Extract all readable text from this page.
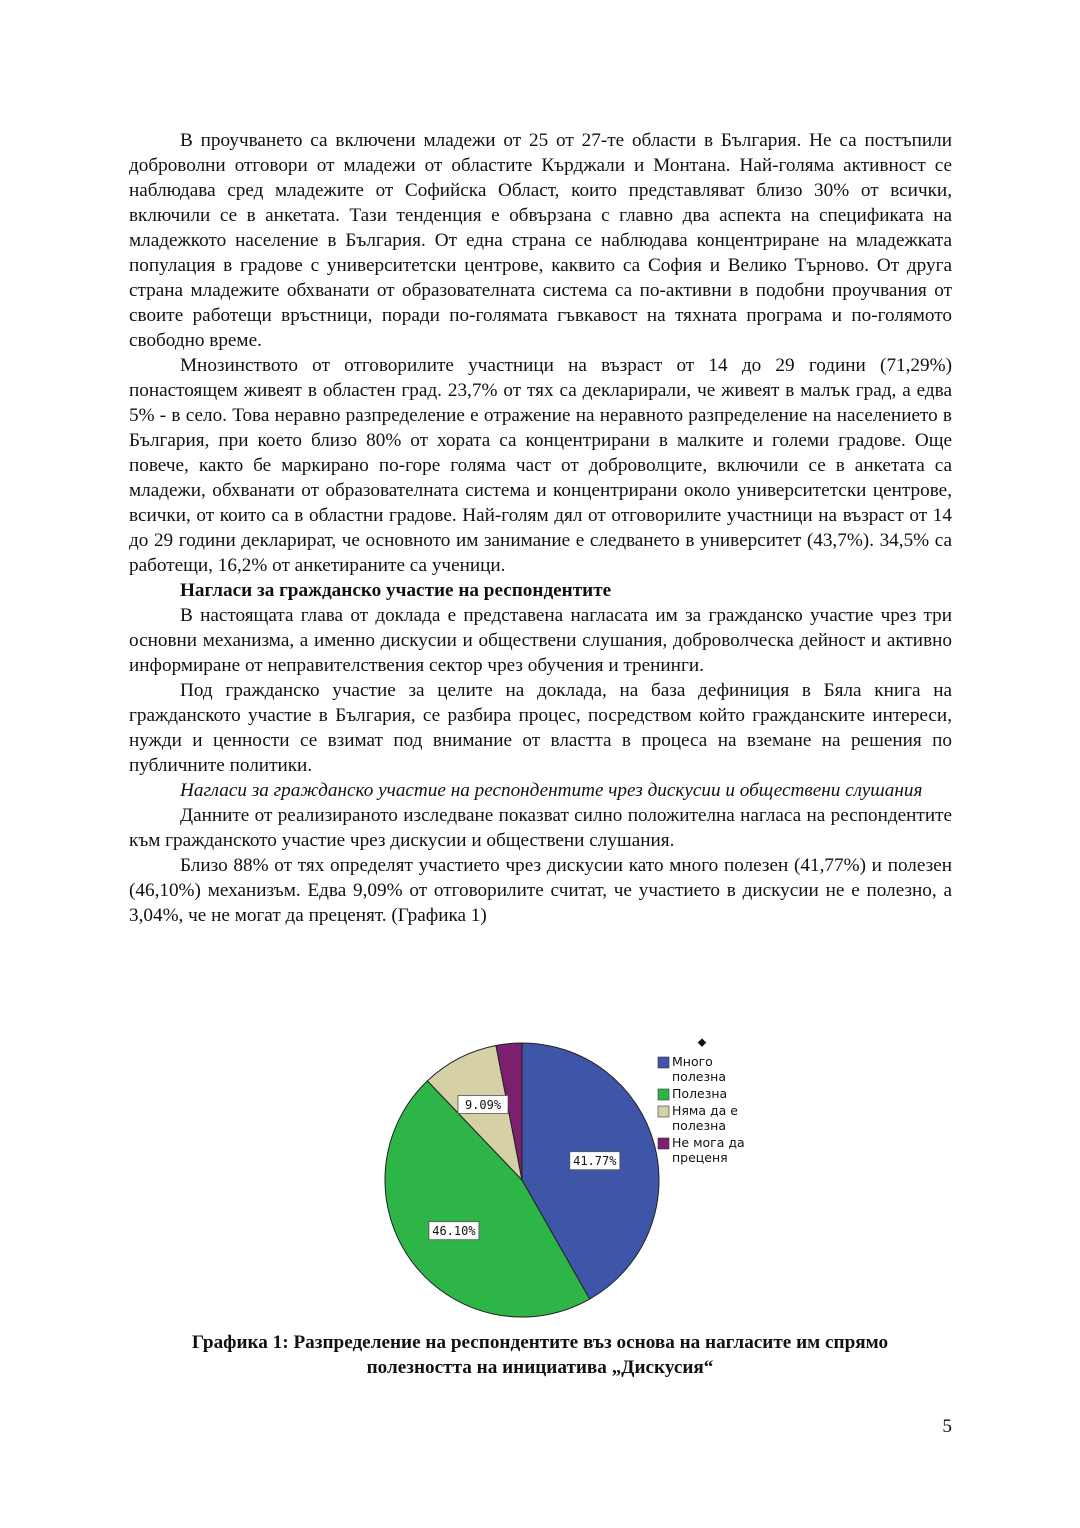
В проучването са включени младежи от 25 от 27-те области в България. Не са постъпили доброволни отговори от младежи от областите Кърджали и Монтана. Най-голяма активност се наблюдава сред младежите от Софийска Област, които представляват близо 30% от всички, включили се в анкетата. Тази тенденция е обвързана с главно два аспекта на спецификата на младежкото население в България. От една страна се наблюдава концентриране на младежката популация в градове с университетски центрове, каквито са София и Велико Търново. От друга страна младежите обхванати от образователната система са по-активни в подобни проучвания от своите работещи връстници, поради по-голямата гъвкавост на тяхната програма и по-голямото свободно време.

Мнозинството от отговорилите участници на възраст от 14 до 29 години (71,29%) понастоящем живеят в областен град. 23,7% от тях са декларирали, че живеят в малък град, а едва 5% - в село. Това неравно разпределение е отражение на неравното разпределение на населението в България, при което близо 80% от хората са концентрирани в малките и големи градове. Още повече, както бе маркирано по-горе голяма част от доброволците, включили се в анкетата са младежи, обхванати от образователната система и концентрирани около университетски центрове, всички, от които са в областни градове. Най-голям дял от отговорилите участници на възраст от 14 до 29 години декларират, че основното им занимание е следването в университет (43,7%). 34,5% са работещи, 16,2% от анкетираните са ученици.

Нагласи за гражданско участие на респондентите

В настоящата глава от доклада е представена нагласата им за гражданско участие чрез три основни механизма, а именно дискусии и обществени слушания, доброволческа дейност и активно информиране от неправителствения сектор чрез обучения и тренинги.

Под гражданско участие за целите на доклада, на база дефиниция в Бяла книга на гражданското участие в България, се разбира процес, посредством който гражданските интереси, нужди и ценности се взимат под внимание от властта в процеса на вземане на решения по публичните политики.

Нагласи за гражданско участие на респондентите чрез дискусии и обществени слушания

Данните от реализираното изследване показват силно положителна нагласа на респондентите към гражданското участие чрез дискусии и обществени слушания.

Близо 88% от тях определят участието чрез дискусии като много полезен (41,77%) и полезен (46,10%) механизъм. Едва 9,09% от отговорилите считат, че участието в дискусии не е полезно, а 3,04%, че не могат да преценят. (Графика 1)

41.77%
46.10%
9.09%
⬥
Много
полезна
Полезна
Няма да е
полезна
Не мога да
преценя
Графика 1: Разпределение на респондентите въз основа на нагласите им спрямо
полезността на инициатива „Дискусия“
5
